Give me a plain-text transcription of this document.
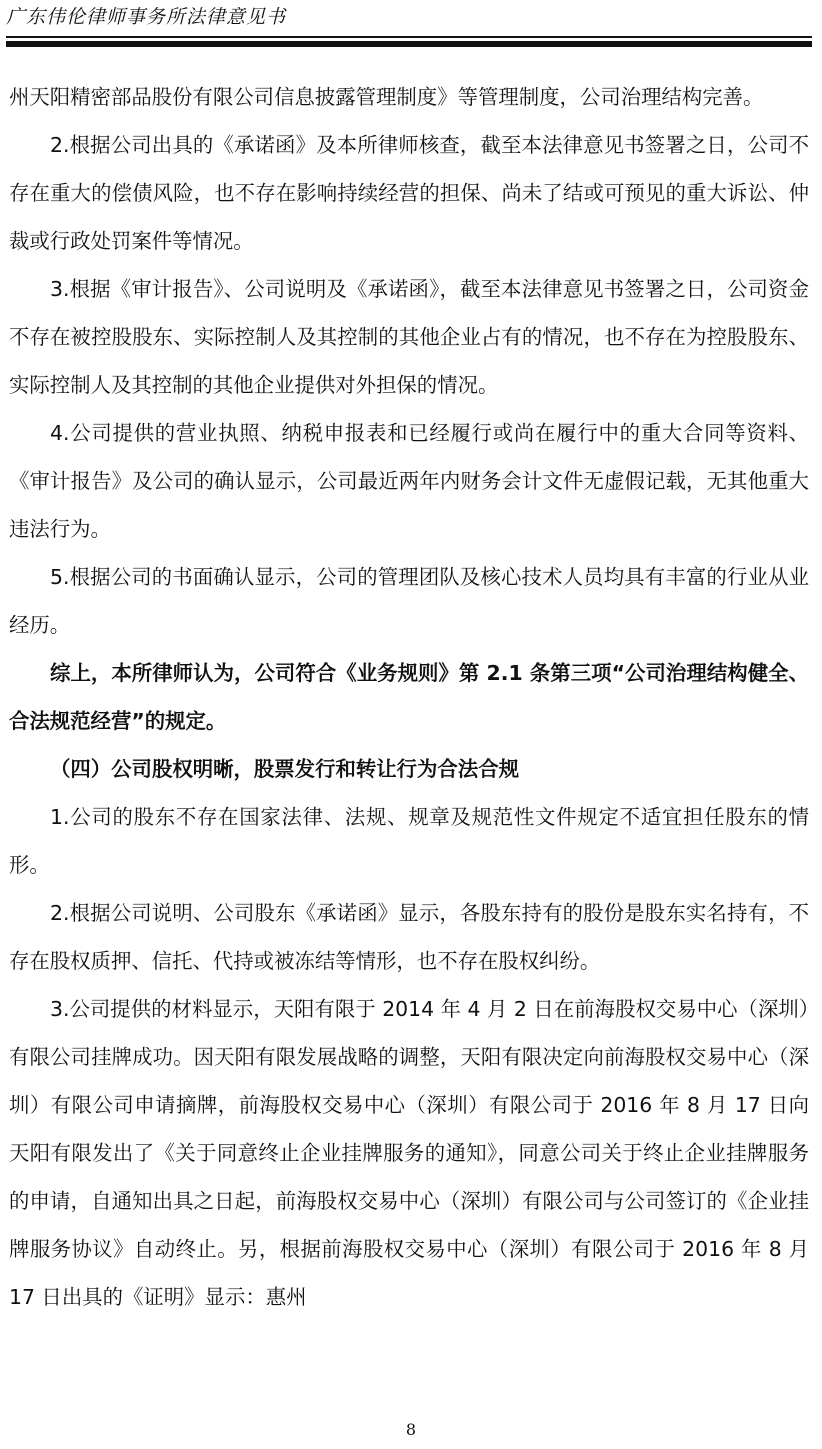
广东伟伦律师事务所法律意见书

州天阳精密部品股份有限公司信息披露管理制度》等管理制度，公司治理结构完善。

2.根据公司出具的《承诺函》及本所律师核查，截至本法律意见书签署之日，公司不存在重大的偿债风险，也不存在影响持续经营的担保、尚未了结或可预见的重大诉讼、仲裁或行政处罚案件等情况。

3.根据《审计报告》、公司说明及《承诺函》，截至本法律意见书签署之日，公司资金不存在被控股股东、实际控制人及其控制的其他企业占有的情况，也不存在为控股股东、实际控制人及其控制的其他企业提供对外担保的情况。

4.公司提供的营业执照、纳税申报表和已经履行或尚在履行中的重大合同等资料、《审计报告》及公司的确认显示，公司最近两年内财务会计文件无虚假记载，无其他重大违法行为。

5.根据公司的书面确认显示，公司的管理团队及核心技术人员均具有丰富的行业从业经历。

综上，本所律师认为，公司符合《业务规则》第 2.1 条第三项“公司治理结构健全、合法规范经营”的规定。

（四）公司股权明晰，股票发行和转让行为合法合规

1.公司的股东不存在国家法律、法规、规章及规范性文件规定不适宜担任股东的情形。

2.根据公司说明、公司股东《承诺函》显示，各股东持有的股份是股东实名持有，不存在股权质押、信托、代持或被冻结等情形，也不存在股权纠纷。

3.公司提供的材料显示，天阳有限于 2014 年 4 月 2 日在前海股权交易中心（深圳）有限公司挂牌成功。因天阳有限发展战略的调整，天阳有限决定向前海股权交易中心（深圳）有限公司申请摘牌，前海股权交易中心（深圳）有限公司于 2016 年 8 月 17 日向天阳有限发出了《关于同意终止企业挂牌服务的通知》，同意公司关于终止企业挂牌服务的申请，自通知出具之日起，前海股权交易中心（深圳）有限公司与公司签订的《企业挂牌服务协议》自动终止。另，根据前海股权交易中心（深圳）有限公司于 2016 年 8 月 17 日出具的《证明》显示：惠州

8
